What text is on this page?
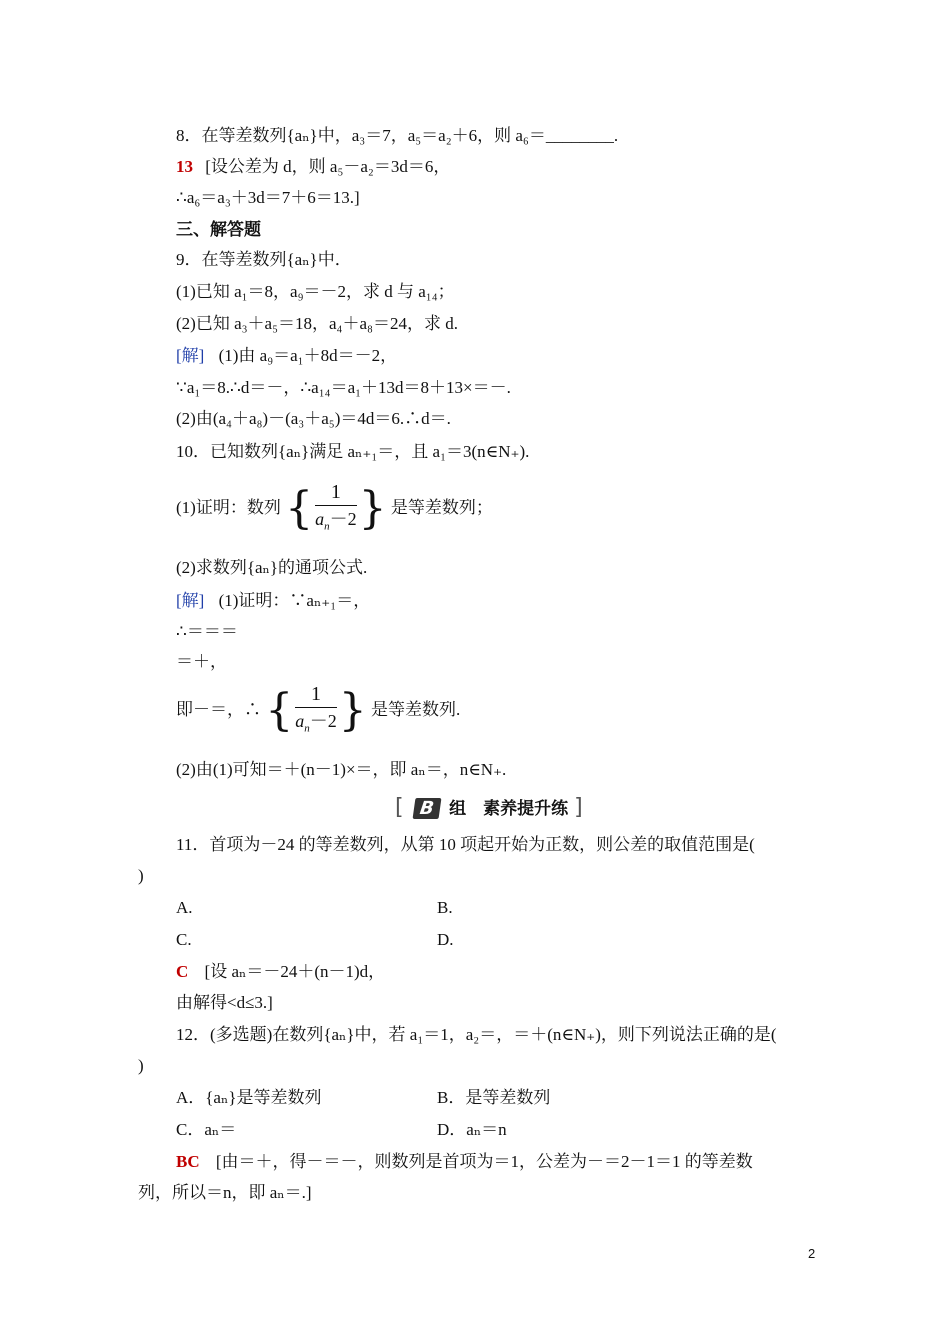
8．在等差数列{aₙ}中，a₃＝7，a₅＝a₂＋6，则 a₆＝________.
13 [设公差为 d，则 a₅－a₂＝3d＝6，
∴a₆＝a₃＋3d＝7＋6＝13.]
三、解答题
9．在等差数列{aₙ}中．
(1)已知 a₁＝8，a₉＝－2，求 d 与 a₁₄；
(2)已知 a₃＋a₅＝18，a₄＋a₈＝24，求 d.
[解] (1)由 a₉＝a₁＋8d＝－2，
∵a₁＝8.∴d＝－，∴a₁₄＝a₁＋13d＝8＋13×＝－.
(2)由(a₄＋a₈)－(a₃＋a₅)＝4d＝6.∴d＝.
10．已知数列{aₙ}满足 aₙ₊₁＝，且 a₁＝3(n∈N₊).
(1)证明：数列 { $\frac{1}{a_n-2}$ } 是等差数列；
(2)求数列{aₙ}的通项公式.
[解] (1)证明：∵aₙ₊₁＝，
∴＝＝＝
＝＋，
即－＝，∴ { $\frac{1}{a_n-2}$ } 是等差数列.
(2)由(1)可知＝＋(n－1)×＝，即 aₙ＝，n∈N₊.
[ B 组　素养提升练 ]
11．首项为－24 的等差数列，从第 10 项起开始为正数，则公差的取值范围是(
)
A.	B.
C.	D.
C [设 aₙ＝－24＋(n－1)d，
由解得<d≤3.]
12．(多选题)在数列{aₙ}中，若 a₁＝1，a₂＝，＝＋(n∈N₊)，则下列说法正确的是(
)
A．{aₙ}是等差数列	B．是等差数列
C．aₙ＝	D．aₙ＝n
BC [由＝＋，得－＝－，则数列是首项为＝1，公差为－＝2－1＝1 的等差数
列，所以＝n，即 aₙ＝.]
2
